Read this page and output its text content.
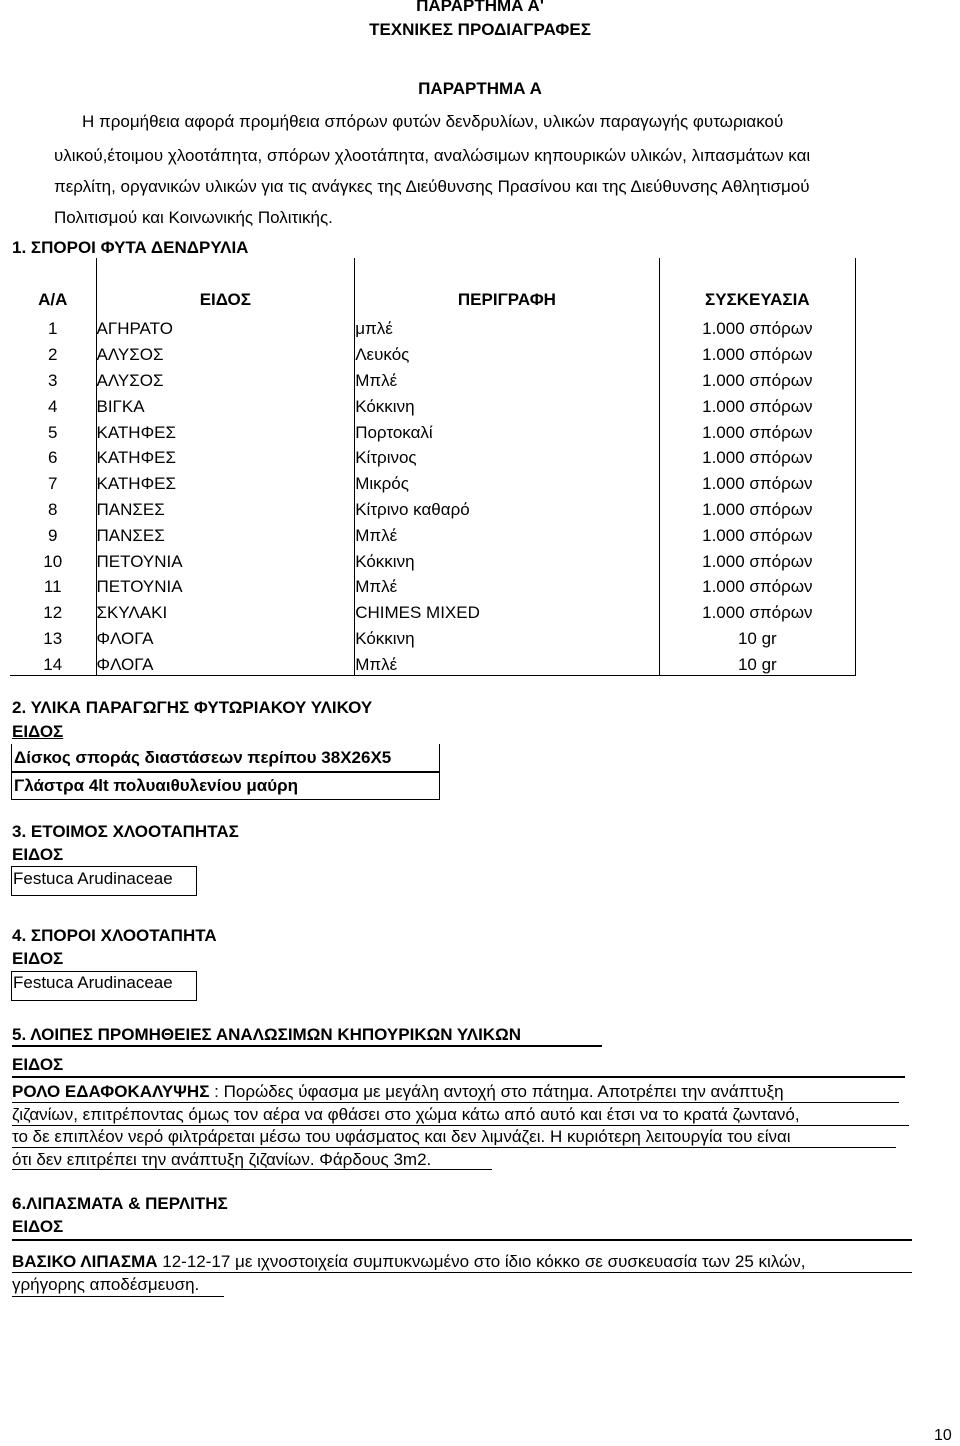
ΠΑΡΑΡΤΗΜΑ Α'
ΤΕΧΝΙΚΕΣ ΠΡΟΔΙΑΓΡΑΦΕΣ
ΠΑΡΑΡΤΗΜΑ Α
Η προμήθεια αφορά προμήθεια σπόρων φυτών δενδρυλίων, υλικών παραγωγής φυτωριακού
υλικού,έτοιμου χλοοτάπητα, σπόρων χλοοτάπητα, αναλώσιμων κηπουρικών υλικών, λιπασμάτων και
περλίτη, οργανικών υλικών για τις ανάγκες της Διεύθυνσης Πρασίνου και της Διεύθυνσης Αθλητισμού
Πολιτισμού και Κοινωνικής Πολιτικής.
1. ΣΠΟΡΟΙ ΦΥΤΑ ΔΕΝΔΡΥΛΙΑ
Α/Α	ΕΙΔΟΣ	ΠΕΡΙΓΡΑΦΗ	ΣΥΣΚΕΥΑΣΙΑ
1	ΑΓΗΡΑΤΟ	μπλέ	1.000 σπόρων
2	ΑΛΥΣΟΣ	Λευκός	1.000 σπόρων
3	ΑΛΥΣΟΣ	Μπλέ	1.000 σπόρων
4	ΒΙΓΚΑ	Κόκκινη	1.000 σπόρων
5	ΚΑΤΗΦΕΣ	Πορτοκαλί	1.000 σπόρων
6	ΚΑΤΗΦΕΣ	Κίτρινος	1.000 σπόρων
7	ΚΑΤΗΦΕΣ	Μικρός	1.000 σπόρων
8	ΠΑΝΣΕΣ	Κίτρινο καθαρό	1.000 σπόρων
9	ΠΑΝΣΕΣ	Μπλέ	1.000 σπόρων
10	ΠΕΤΟΥΝΙΑ	Κόκκινη	1.000 σπόρων
11	ΠΕΤΟΥΝΙΑ	Μπλέ	1.000 σπόρων
12	ΣΚΥΛΑΚΙ	CHIMES MIXED	1.000 σπόρων
13	ΦΛΟΓΑ	Κόκκινη	10 gr
14	ΦΛΟΓΑ	Μπλέ	10 gr
2. ΥΛΙΚΑ ΠΑΡΑΓΩΓΗΣ ΦΥΤΩΡΙΑΚΟΥ ΥΛΙΚΟΥ
ΕΙΔΟΣ
Δίσκος σποράς διαστάσεων περίπου 38Χ26Χ5
Γλάστρα 4lt πολυαιθυλενίου μαύρη
3. ΕΤΟΙΜΟΣ ΧΛΟΟΤΑΠΗΤΑΣ
ΕΙΔΟΣ
Festuca Arudinaceae
4. ΣΠΟΡΟΙ ΧΛΟΟΤΑΠΗΤΑ
ΕΙΔΟΣ
Festuca Arudinaceae
5. ΛΟΙΠΕΣ ΠΡΟΜΗΘΕΙΕΣ ΑΝΑΛΩΣΙΜΩΝ ΚΗΠΟΥΡΙΚΩΝ ΥΛΙΚΩΝ
ΕΙΔΟΣ
ΡΟΛΟ ΕΔΑΦΟΚΑΛΥΨΗΣ : Πορώδες ύφασμα με μεγάλη αντοχή στο πάτημα. Αποτρέπει την ανάπτυξη
ζιζανίων, επιτρέποντας όμως τον αέρα να φθάσει στο χώμα κάτω από αυτό και έτσι να το κρατά ζωντανό,
το δε επιπλέον νερό φιλτράρεται μέσω του υφάσματος και δεν λιμνάζει. Η κυριότερη λειτουργία του είναι
ότι δεν επιτρέπει την ανάπτυξη ζιζανίων. Φάρδους 3m2.
6.ΛΙΠΑΣΜΑΤΑ & ΠΕΡΛΙΤΗΣ
ΕΙΔΟΣ
ΒΑΣΙΚΟ ΛΙΠΑΣΜΑ 12-12-17 με ιχνοστοιχεία συμπυκνωμένο στο ίδιο κόκκο σε συσκευασία των 25 κιλών,
γρήγορης αποδέσμευση.
10
